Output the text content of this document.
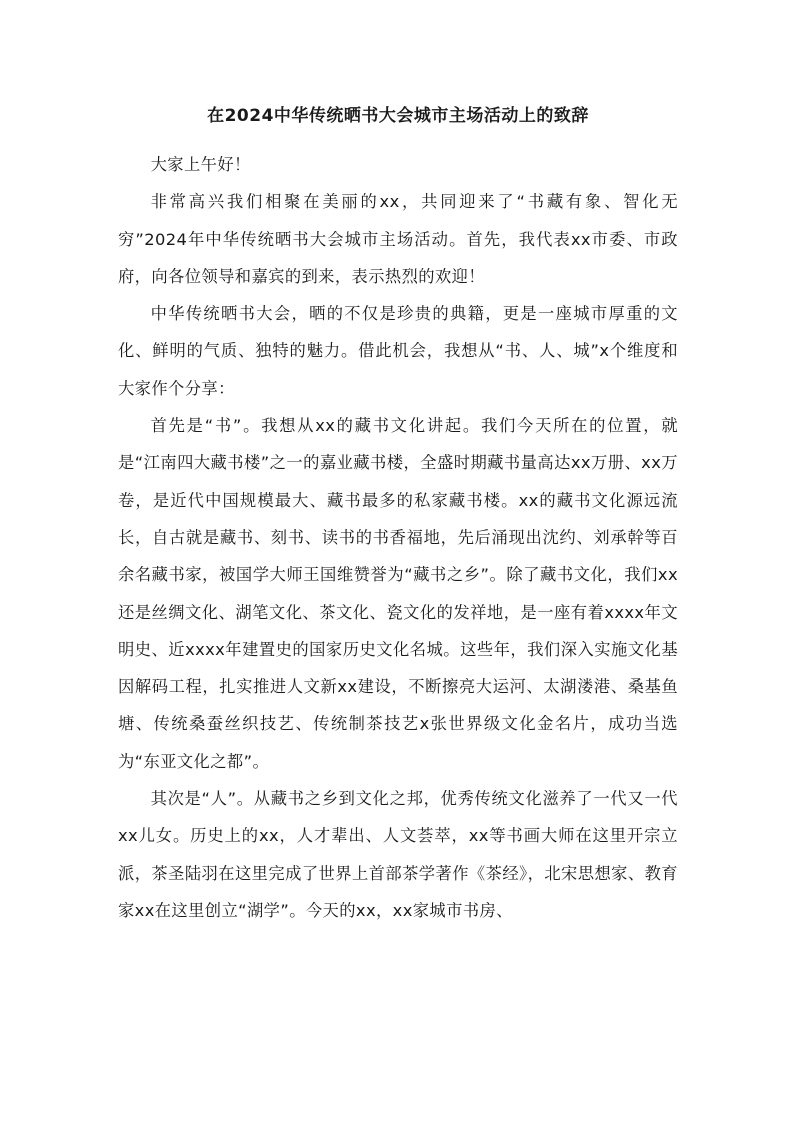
在2024中华传统晒书大会城市主场活动上的致辞

大家上午好！

非常高兴我们相聚在美丽的xx，共同迎来了“书藏有象、智化无穷”2024年中华传统晒书大会城市主场活动。首先，我代表xx市委、市政府，向各位领导和嘉宾的到来，表示热烈的欢迎！

中华传统晒书大会，晒的不仅是珍贵的典籍，更是一座城市厚重的文化、鲜明的气质、独特的魅力。借此机会，我想从“书、人、城”x个维度和大家作个分享：

首先是“书”。我想从xx的藏书文化讲起。我们今天所在的位置，就是“江南四大藏书楼”之一的嘉业藏书楼，全盛时期藏书量高达xx万册、xx万卷，是近代中国规模最大、藏书最多的私家藏书楼。xx的藏书文化源远流长，自古就是藏书、刻书、读书的书香福地，先后涌现出沈约、刘承幹等百余名藏书家，被国学大师王国维赞誉为“藏书之乡”。除了藏书文化，我们xx还是丝绸文化、湖笔文化、茶文化、瓷文化的发祥地，是一座有着xxxx年文明史、近xxxx年建置史的国家历史文化名城。这些年，我们深入实施文化基因解码工程，扎实推进人文新xx建设，不断擦亮大运河、太湖溇港、桑基鱼塘、传统桑蚕丝织技艺、传统制茶技艺x张世界级文化金名片，成功当选为“东亚文化之都”。

其次是“人”。从藏书之乡到文化之邦，优秀传统文化滋养了一代又一代xx儿女。历史上的xx，人才辈出、人文荟萃，xx等书画大师在这里开宗立派，茶圣陆羽在这里完成了世界上首部茶学著作《茶经》，北宋思想家、教育家xx在这里创立“湖学”。今天的xx，xx家城市书房、
